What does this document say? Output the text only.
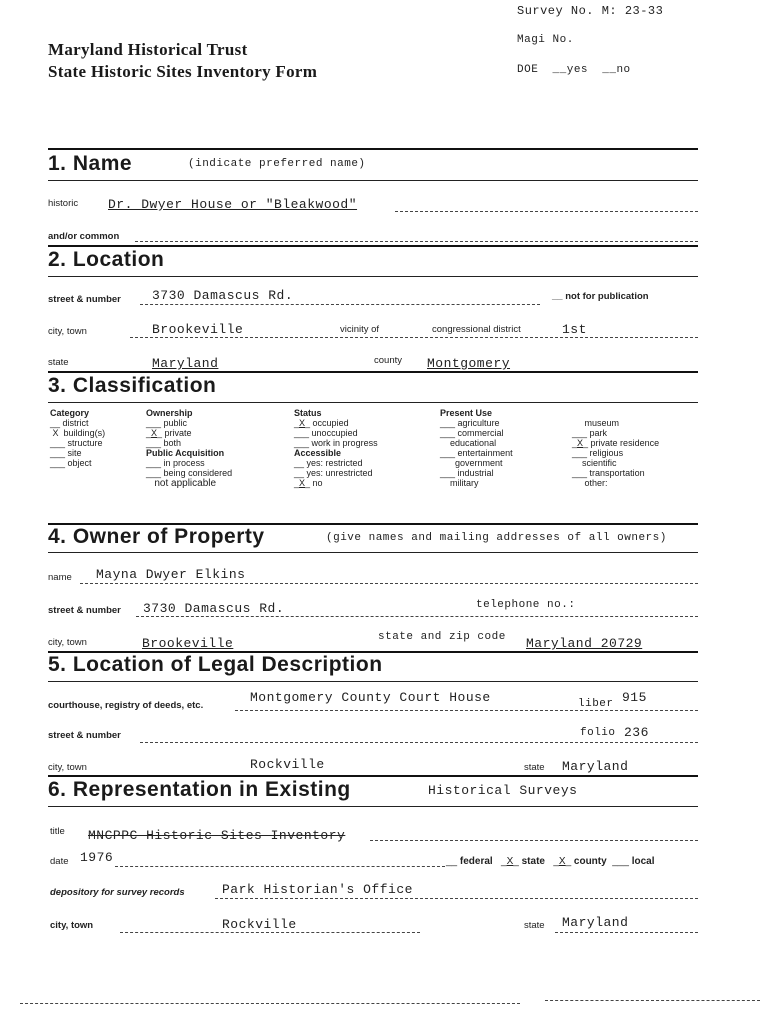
Survey No. M: 23-33
Magi No.
DOE  __yes  __no
Maryland Historical Trust
State Historic Sites Inventory Form
1. Name	(indicate preferred name)
historic Dr. Dwyer House or "Bleakwood"
and/or common
2. Location
street & number 3730 Damascus Rd.	__ not for publication
city, town	Brookeville	vicinity of	congressional district	1st
state	Maryland	county Montgomery
3. Classification
Category
__ district
X building(s)
___ structure
___ site
___ object
Ownership
___ public
_X_ private
___ both
Public Acquisition
___ in process
___ being considered
not applicable
Status
_X_ occupied
___ unoccupied
___ work in progress
Accessible
__ yes: restricted
__ yes: unrestricted
_X_ no
Present Use
___ agriculture
___ commercial
educational
___ entertainment
government
___ industrial
military

museum
___ park
_X_ private residence
___ religious
scientific
___ transportation
other:
4. Owner of Property	(give names and mailing addresses of all owners)
name Mayna Dwyer Elkins
street & number 3730 Damascus Rd.	telephone no.:
city, town	Brookeville	state and zip code Maryland 20729
5. Location of Legal Description
courthouse, registry of deeds, etc.
Montgomery County Court House	liber 915
street & number	folio 236
city, town	Rockville	state Maryland
6. Representation in Existing	Historical Surveys
title MNCPPC Historic Sites Inventory
date 1976	__ federal   _X_ state   _X_ county  ___ local
depository for survey records	Park Historian's Office
city, town	Rockville	state Maryland
